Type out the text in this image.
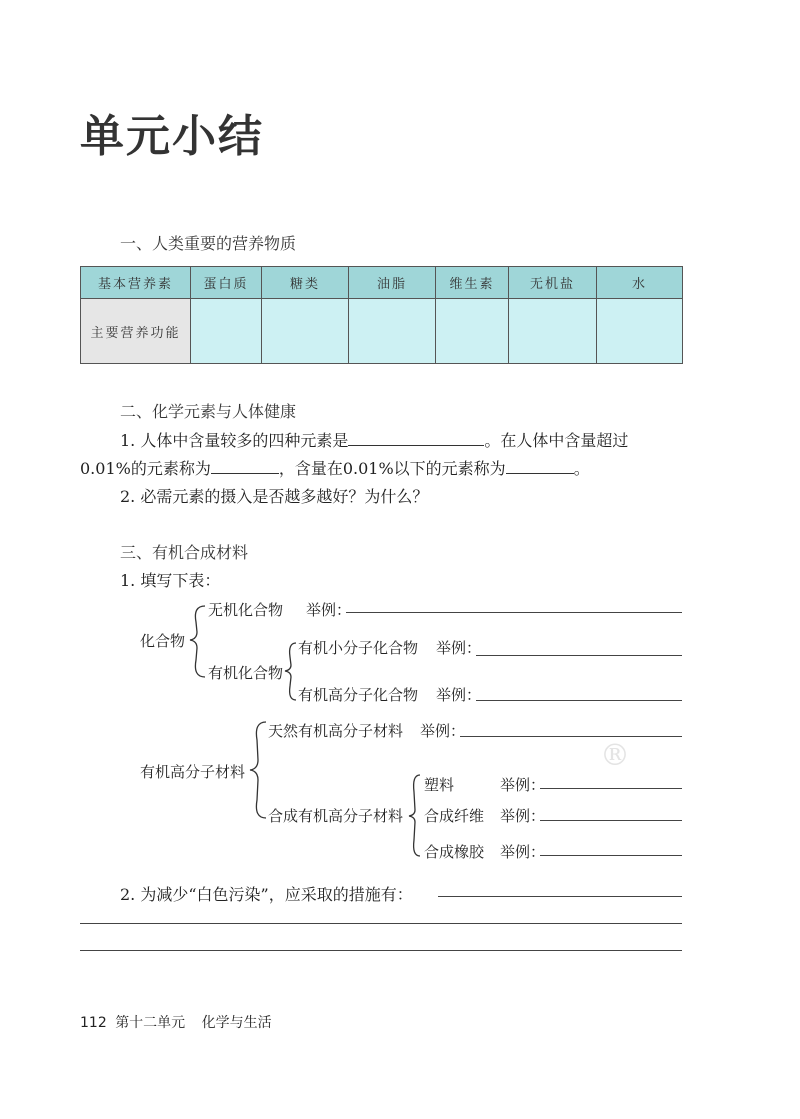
单元小结
一、人类重要的营养物质
基本营养素	蛋白质	糖类	油脂	维生素	无机盐	水
主要营养功能						
二、化学元素与人体健康
1. 人体中含量较多的四种元素是	。在人体中含量超过
0.01%的元素称为	，含量在0.01%以下的元素称为	。
2. 必需元素的摄入是否越多越好？为什么？
三、有机合成材料
1. 填写下表：
化合物
无机化合物 举例：
有机化合物
有机小分子化合物 举例：
有机高分子化合物 举例：
有机高分子材料
天然有机高分子材料 举例：
合成有机高分子材料
塑料	举例：
合成纤维 举例：
合成橡胶 举例：
®
2. 为减少“白色污染”，应采取的措施有：
112 第十二单元 化学与生活
